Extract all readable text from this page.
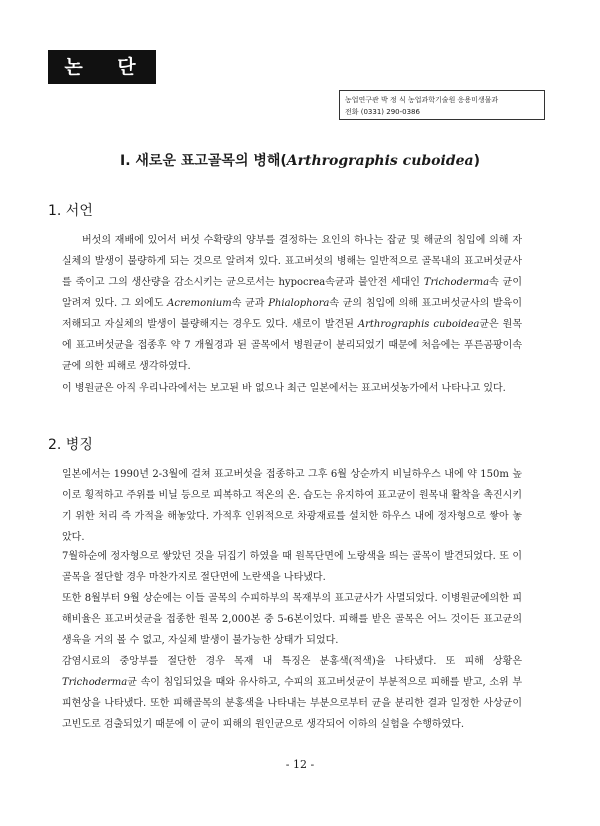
논 단
농업연구관 박 정 식 농업과학기술원 응용미생물과
전화 (0331) 290-0386
Ⅰ. 새로운 표고골목의 병해(Arthrographis cuboidea)
1. 서언
버섯의 재배에 있어서 버섯 수확량의 양부를 결정하는 요인의 하나는 잡균 및 해균의 침입에 의해 자실체의 발생이 불량하게 되는 것으로 알려져 있다. 표고버섯의 병해는 일반적으로 골목내의 표고버섯균사를 죽이고 그의 생산량을 감소시키는 균으로서는 hypocrea속균과 불안전 세대인 Trichoderma속 균이 알려져 있다. 그 외에도 Acremonium속 균과 Phialophora속 균의 침입에 의해 표고버섯균사의 발육이 저해되고 자실체의 발생이 불량해지는 경우도 있다. 새로이 발견된 Arthrographis cuboidea균은 원목에 표고버섯균을 접종후 약 7 개월경과 된 골목에서 병원균이 분리되었기 때문에 처음에는 푸른곰팡이속 균에 의한 피해로 생각하였다.
이 병원균은 아직 우리나라에서는 보고된 바 없으나 최근 일본에서는 표고버섯농가에서 나타나고 있다.
2. 병징
일본에서는 1990년 2-3월에 걸쳐 표고버섯을 접종하고 그후 6월 상순까지 비닐하우스 내에 약 150m 높이로 횡적하고 주위를 비닐 등으로 피복하고 적온의 온. 습도는 유지하여 표고균이 원목내 활착을 촉진시키기 위한 처리 즉 가적을 해놓았다. 가적후 인위적으로 차광재료를 설치한 하우스 내에 정자형으로 쌓아 놓았다.
7월하순에 정자형으로 쌓았던 것을 뒤집기 하였을 때 원목단면에 노랑색을 띄는 골목이 발견되었다. 또 이 골목을 절단할 경우 마찬가지로 절단면에 노란색을 나타냈다.
또한 8월부터 9월 상순에는 이들 골목의 수피하부의 목재부의 표고균사가 사멸되었다. 이병원균에의한 피해비율은 표고버섯균을 접종한 원목 2,000본 중 5-6본이었다. 피해를 받은 골목은 어느 것이든 표고균의 생육을 거의 볼 수 없고, 자실체 발생이 불가능한 상태가 되었다.
감염시료의 중앙부를 절단한 경우 목재 내 특징은 분홍색(적색)을 나타냈다. 또 피해 상황은 Trichoderma균 속이 침입되었을 때와 유사하고, 수피의 표고버섯균이 부분적으로 피해를 받고, 소위 부피현상을 나타냈다. 또한 피해골목의 분홍색을 나타내는 부분으로부터 균을 분리한 결과 일정한 사상균이 고빈도로 검출되었기 때문에 이 균이 피해의 원인균으로 생각되어 이하의 실험을 수행하였다.
- 12 -
